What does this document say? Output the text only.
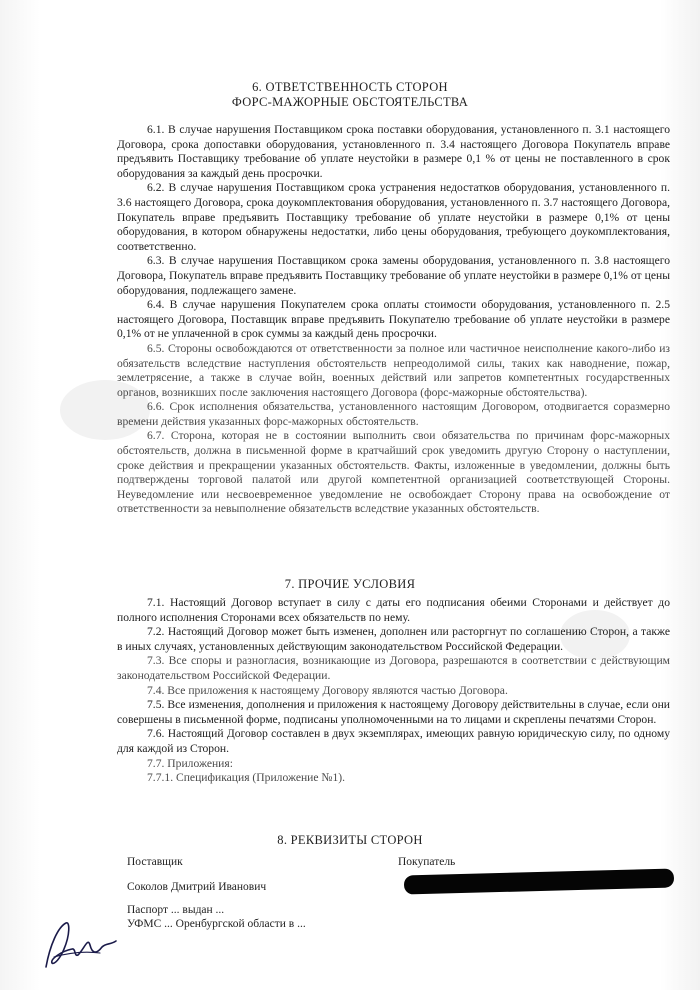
6. ОТВЕТСТВЕННОСТЬ СТОРОН
ФОРС-МАЖОРНЫЕ ОБСТОЯТЕЛЬСТВА

6.1. В случае нарушения Поставщиком срока поставки оборудования, установленного п. 3.1 настоящего Договора, срока допоставки оборудования, установленного п. 3.4 настоящего Договора Покупатель вправе предъявить Поставщику требование об уплате неустойки в размере 0,1 % от цены не поставленного в срок оборудования за каждый день просрочки.

6.2. В случае нарушения Поставщиком срока устранения недостатков оборудования, установленного п. 3.6 настоящего Договора, срока доукомплектования оборудования, установленного п. 3.7 настоящего Договора, Покупатель вправе предъявить Поставщику требование об уплате неустойки в размере 0,1% от цены оборудования, в котором обнаружены недостатки, либо цены оборудования, требующего доукомплектования, соответственно.

6.3. В случае нарушения Поставщиком срока замены оборудования, установленного п. 3.8 настоящего Договора, Покупатель вправе предъявить Поставщику требование об уплате неустойки в размере 0,1% от цены оборудования, подлежащего замене.

6.4. В случае нарушения Покупателем срока оплаты стоимости оборудования, установленного п. 2.5 настоящего Договора, Поставщик вправе предъявить Покупателю требование об уплате неустойки в размере 0,1% от не уплаченной в срок суммы за каждый день просрочки.

6.5. Стороны освобождаются от ответственности за полное или частичное неисполнение какого-либо из обязательств вследствие наступления обстоятельств непреодолимой силы, таких как наводнение, пожар, землетрясение, а также в случае войн, военных действий или запретов компетентных государственных органов, возникших после заключения настоящего Договора (форс-мажорные обстоятельства).

6.6. Срок исполнения обязательства, установленного настоящим Договором, отодвигается соразмерно времени действия указанных форс-мажорных обстоятельств.

6.7. Сторона, которая не в состоянии выполнить свои обязательства по причинам форс-мажорных обстоятельств, должна в письменной форме в кратчайший срок уведомить другую Сторону о наступлении, сроке действия и прекращении указанных обстоятельств. Факты, изложенные в уведомлении, должны быть подтверждены торговой палатой или другой компетентной организацией соответствующей Стороны. Неуведомление или несвоевременное уведомление не освобождает Сторону права на освобождение от ответственности за невыполнение обязательств вследствие указанных обстоятельств.

7. ПРОЧИЕ УСЛОВИЯ

7.1. Настоящий Договор вступает в силу с даты его подписания обеими Сторонами и действует до полного исполнения Сторонами всех обязательств по нему.

7.2. Настоящий Договор может быть изменен, дополнен или расторгнут по соглашению Сторон, а также в иных случаях, установленных действующим законодательством Российской Федерации.

7.3. Все споры и разногласия, возникающие из Договора, разрешаются в соответствии с действующим законодательством Российской Федерации.

7.4. Все приложения к настоящему Договору являются частью Договора.

7.5. Все изменения, дополнения и приложения к настоящему Договору действительны в случае, если они совершены в письменной форме, подписаны уполномоченными на то лицами и скреплены печатями Сторон.

7.6. Настоящий Договор составлен в двух экземплярах, имеющих равную юридическую силу, по одному для каждой из Сторон.

7.7. Приложения:

7.7.1. Спецификация (Приложение №1).

8. РЕКВИЗИТЫ СТОРОН
Поставщик	Покупатель
Соколов Дмитрий Иванович
Паспорт ... выдан ...
УФМС ... Оренбургской области в ...
